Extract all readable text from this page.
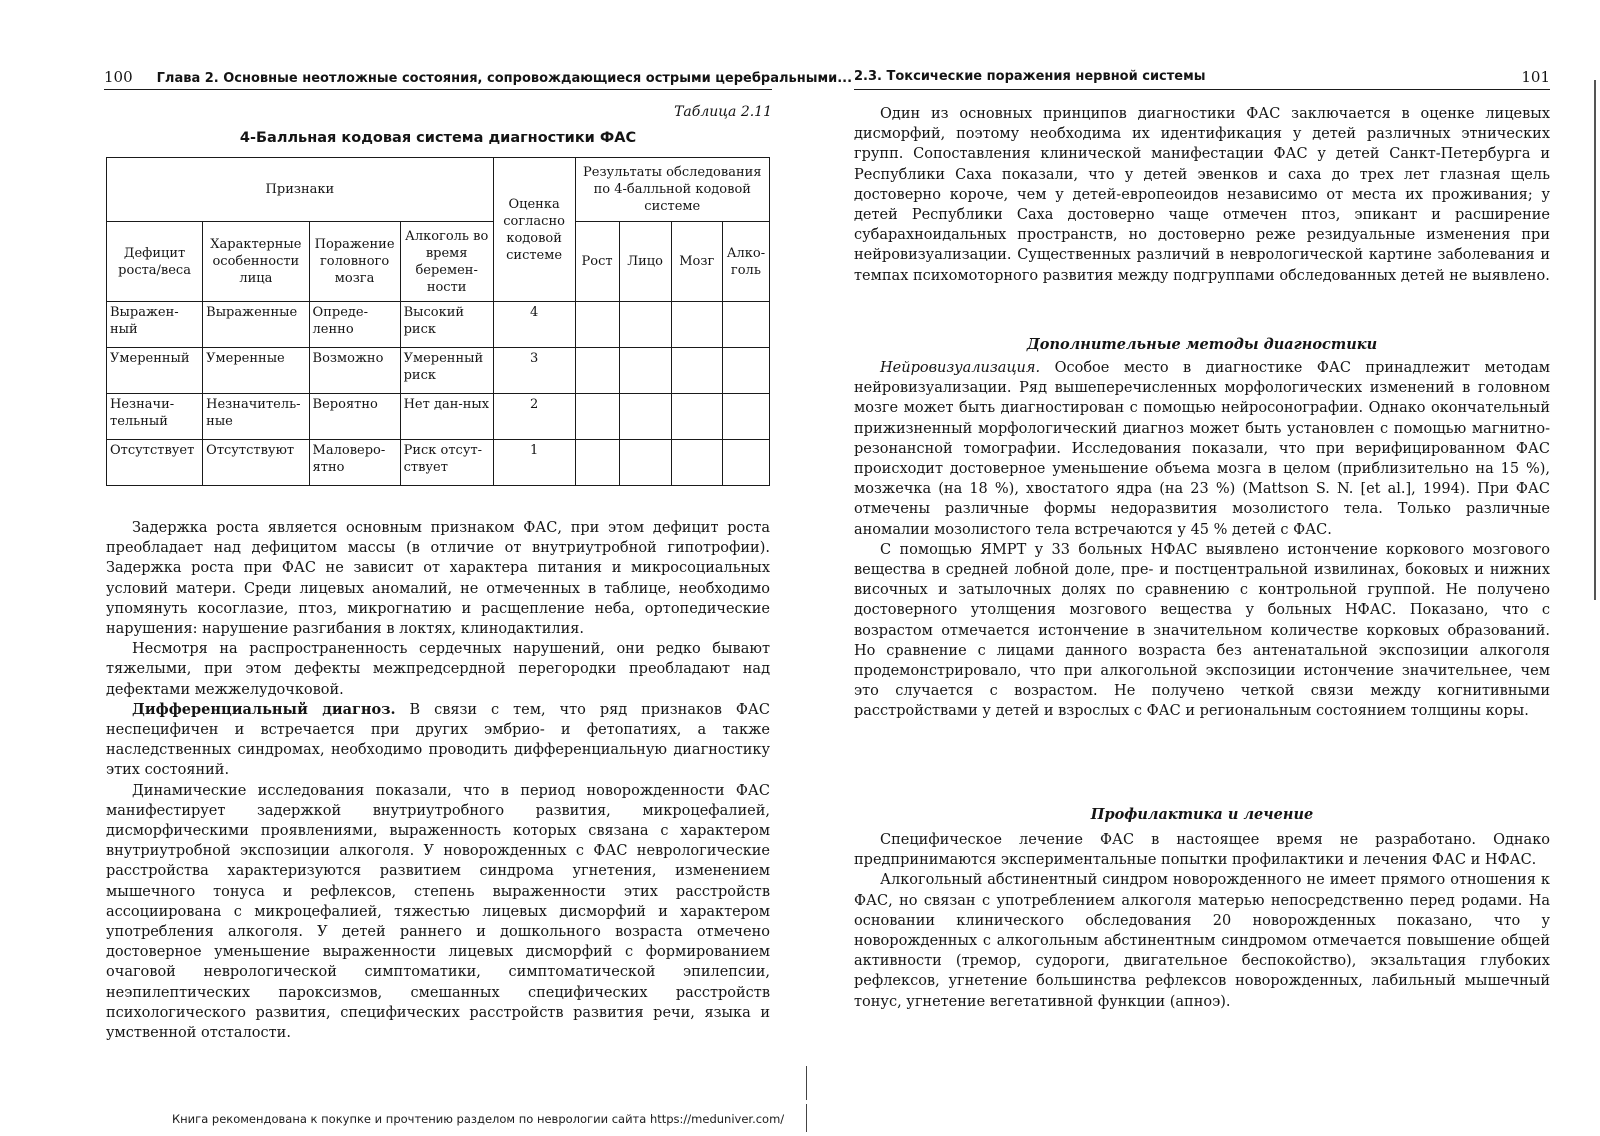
100 Глава 2. Основные неотложные состояния, сопровождающиеся острыми церебральными...
Таблица 2.11
4-Балльная кодовая система диагностики ФАС
Признаки				Оценка согласно кодовой системе	Результаты обследования по 4-балльной кодовой системе			
Дефицит роста/веса	Характерные особенности лица	Поражение головного мозга	Алкоголь во время беремен-ности		Рост	Лицо	Мозг	Алко-голь
Выражен-ный	Выраженные	Опреде-ленно	Высокий риск	4				
Умеренный	Умеренные	Возможно	Умеренный риск	3				
Незначи-тельный	Незначитель-ные	Вероятно	Нет дан-ных	2				
Отсутствует	Отсутствуют	Маловеро-ятно	Риск отсут-ствует	1				

Задержка роста является основным признаком ФАС, при этом дефицит роста преобладает над дефицитом массы (в отличие от внутриутробной гипотрофии). Задержка роста при ФАС не зависит от характера питания и микросоциальных условий матери. Среди лицевых аномалий, не отмеченных в таблице, необходимо упомянуть косоглазие, птоз, микрогнатию и расщепление неба, ортопедические нарушения: нарушение разгибания в локтях, клинодактилия.

Несмотря на распространенность сердечных нарушений, они редко бывают тяжелыми, при этом дефекты межпредсердной перегородки преобладают над дефектами межжелудочковой.

Дифференциальный диагноз. В связи с тем, что ряд признаков ФАС неспецифичен и встречается при других эмбрио- и фетопатиях, а также наследственных синдромах, необходимо проводить дифференциальную диагностику этих состояний.

Динамические исследования показали, что в период новорожденности ФАС манифестирует задержкой внутриутробного развития, микроцефалией, дисморфическими проявлениями, выраженность которых связана с характером внутриутробной экспозиции алкоголя. У новорожденных с ФАС неврологические расстройства характеризуются развитием синдрома угнетения, изменением мышечного тонуса и рефлексов, степень выраженности этих расстройств ассоциирована с микроцефалией, тяжестью лицевых дисморфий и характером употребления алкоголя. У детей раннего и дошкольного возраста отмечено достоверное уменьшение выраженности лицевых дисморфий с формированием очаговой неврологической симптоматики, симптоматической эпилепсии, неэпилептических пароксизмов, смешанных специфических расстройств психологического развития, специфических расстройств развития речи, языка и умственной отсталости.

Книга рекомендована к покупке и прочтению разделом по неврологии сайта https://meduniver.com/
2.3. Токсические поражения нервной системы	101

Один из основных принципов диагностики ФАС заключается в оценке лицевых дисморфий, поэтому необходима их идентификация у детей различных этнических групп. Сопоставления клинической манифестации ФАС у детей Санкт-Петербурга и Республики Саха показали, что у детей эвенков и саха до трех лет глазная щель достоверно короче, чем у детей-европеоидов независимо от места их проживания; у детей Республики Саха достоверно чаще отмечен птоз, эпикант и расширение субарахноидальных пространств, но достоверно реже резидуальные изменения при нейровизуализации. Существенных различий в неврологической картине заболевания и темпах психомоторного развития между подгруппами обследованных детей не выявлено.

Дополнительные методы диагностики

Нейровизуализация. Особое место в диагностике ФАС принадлежит методам нейровизуализации. Ряд вышеперечисленных морфологических изменений в головном мозге может быть диагностирован с помощью нейросонографии. Однако окончательный прижизненный морфологический диагноз может быть установлен с помощью магнитно-резонансной томографии. Исследования показали, что при верифицированном ФАС происходит достоверное уменьшение объема мозга в целом (приблизительно на 15 %), мозжечка (на 18 %), хвостатого ядра (на 23 %) (Mattson S. N. [et al.], 1994). При ФАС отмечены различные формы недоразвития мозолистого тела. Только различные аномалии мозолистого тела встречаются у 45 % детей с ФАС.

С помощью ЯМРТ у 33 больных НФАС выявлено истончение коркового мозгового вещества в средней лобной доле, пре- и постцентральной извилинах, боковых и нижних височных и затылочных долях по сравнению с контрольной группой. Не получено достоверного утолщения мозгового вещества у больных НФАС. Показано, что с возрастом отмечается истончение в значительном количестве корковых образований. Но сравнение с лицами данного возраста без антенатальной экспозиции алкоголя продемонстрировало, что при алкогольной экспозиции истончение значительнее, чем это случается с возрастом. Не получено четкой связи между когнитивными расстройствами у детей и взрослых с ФАС и региональным состоянием толщины коры.

Профилактика и лечение

Специфическое лечение ФАС в настоящее время не разработано. Однако предпринимаются экспериментальные попытки профилактики и лечения ФАС и НФАС.

Алкогольный абстинентный синдром новорожденного не имеет прямого отношения к ФАС, но связан с употреблением алкоголя матерью непосредственно перед родами. На основании клинического обследования 20 новорожденных показано, что у новорожденных с алкогольным абстинентным синдромом отмечается повышение общей активности (тремор, судороги, двигательное беспокойство), экзальтация глубоких рефлексов, угнетение большинства рефлексов новорожденных, лабильный мышечный тонус, угнетение вегетативной функции (апноэ).
